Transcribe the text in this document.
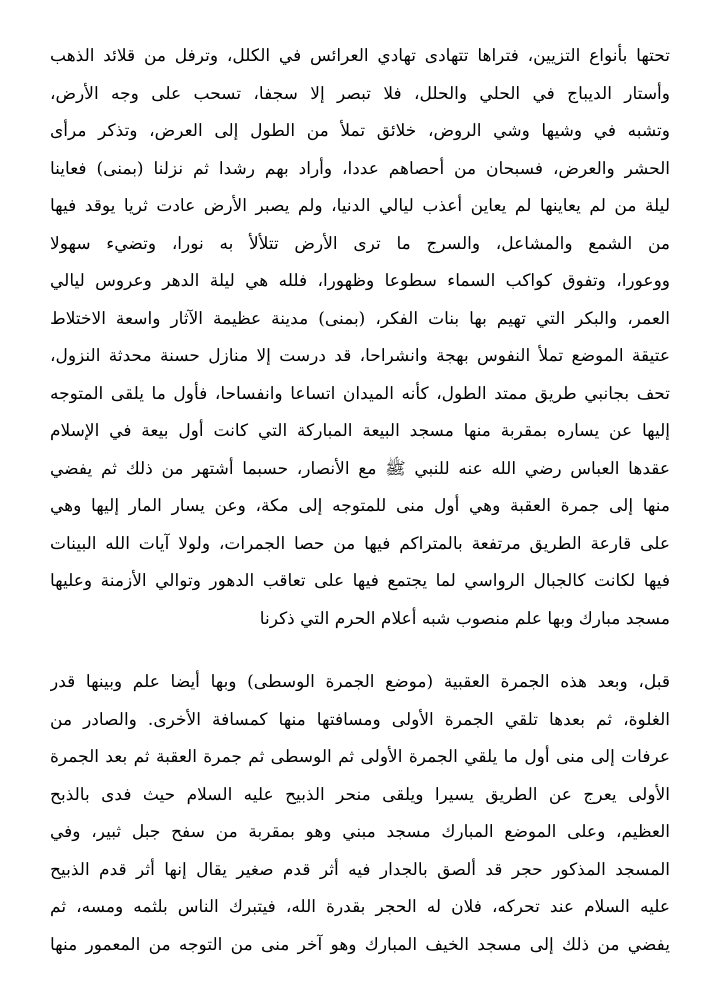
تحتها بأنواع التزيين، فتراها تتهادى تهادي العرائس في الكلل، وترفل من قلائد الذهب
وأستار الديباج في الحلي والحلل، فلا تبصر إلا سجفا، تسحب على وجه الأرض،
وتشبه في وشيها وشي الروض، خلائق تملأ من الطول إلى العرض، وتذكر مرأى
الحشر والعرض، فسبحان من أحصاهم عددا، وأراد بهم رشدا ثم نزلنا (بمنى) فعاينا
ليلة من لم يعاينها لم يعاين أعذب ليالي الدنيا، ولم يصبر الأرض عادت ثريا يوقد فيها
من الشمع والمشاعل، والسرج ما ترى الأرض تتلألأ به نورا، وتضيء سهولا
ووعورا، وتفوق كواكب السماء سطوعا وظهورا، فلله هي ليلة الدهر وعروس ليالي
العمر، والبكر التي تهيم بها بنات الفكر، (بمنى) مدينة عظيمة الآثار واسعة الاختلاط
عتيقة الموضع تملأ النفوس بهجة وانشراحا، قد درست إلا منازل حسنة محدثة النزول،
تحف بجانبي طريق ممتد الطول، كأنه الميدان اتساعا وانفساحا، فأول ما يلقى المتوجه
إليها عن يساره بمقربة منها مسجد البيعة المباركة التي كانت أول بيعة في الإسلام
عقدها العباس رضي الله عنه للنبي ﷺ مع الأنصار، حسبما أشتهر من ذلك ثم يفضي
منها إلى جمرة العقبة وهي أول منى للمتوجه إلى مكة، وعن يسار المار إليها وهي
على قارعة الطريق مرتفعة بالمتراكم فيها من حصا الجمرات، ولولا آيات الله البينات
فيها لكانت كالجبال الرواسي لما يجتمع فيها على تعاقب الدهور وتوالي الأزمنة وعليها
مسجد مبارك وبها علم منصوب شبه أعلام الحرم التي ذكرنا
قبل، وبعد هذه الجمرة العقبية (موضع الجمرة الوسطى) وبها أيضا علم وبينها قدر
الغلوة، ثم بعدها تلقي الجمرة الأولى ومسافتها منها كمسافة الأخرى. والصادر من
عرفات إلى منى أول ما يلقي الجمرة الأولى ثم الوسطى ثم جمرة العقبة ثم بعد الجمرة
الأولى يعرج عن الطريق يسيرا ويلقى منحر الذبيح عليه السلام حيث فدى بالذبح
العظيم، وعلى الموضع المبارك مسجد مبني وهو بمقربة من سفح جبل ثبير، وفي
المسجد المذكور حجر قد ألصق بالجدار فيه أثر قدم صغير يقال إنها أثر قدم الذبيح
عليه السلام عند تحركه، فلان له الحجر بقدرة الله، فيتبرك الناس بلثمه ومسه، ثم
يفضي من ذلك إلى مسجد الخيف المبارك وهو آخر منى من التوجه من المعمور منها
